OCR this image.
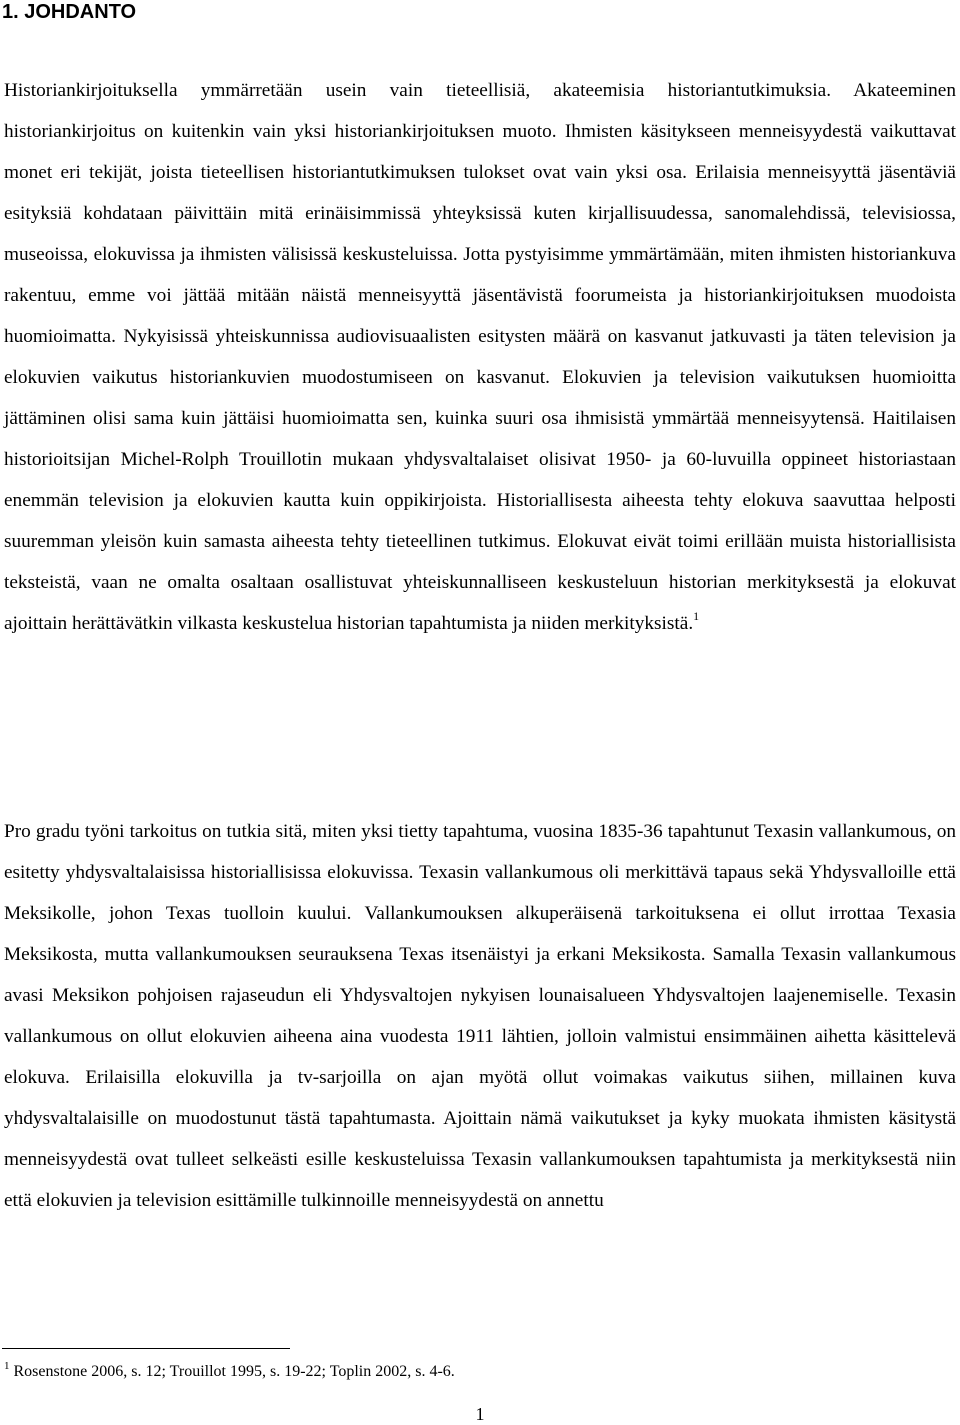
1. JOHDANTO

Historiankirjoituksella ymmärretään usein vain tieteellisiä, akateemisia historiantutkimuksia. Akateeminen historiankirjoitus on kuitenkin vain yksi historiankirjoituksen muoto. Ihmisten käsitykseen menneisyydestä vaikuttavat monet eri tekijät, joista tieteellisen historiantutkimuksen tulokset ovat vain yksi osa. Erilaisia menneisyyttä jäsentäviä esityksiä kohdataan päivittäin mitä erinäisimmissä yhteyksissä kuten kirjallisuudessa, sanomalehdissä, televisiossa, museoissa, elokuvissa ja ihmisten välisissä keskusteluissa. Jotta pystyisimme ymmärtämään, miten ihmisten historiankuva rakentuu, emme voi jättää mitään näistä menneisyyttä jäsentävistä foorumeista ja historiankirjoituksen muodoista huomioimatta. Nykyisissä yhteiskunnissa audiovisuaalisten esitysten määrä on kasvanut jatkuvasti ja täten television ja elokuvien vaikutus historiankuvien muodostumiseen on kasvanut. Elokuvien ja television vaikutuksen huomioitta jättäminen olisi sama kuin jättäisi huomioimatta sen, kuinka suuri osa ihmisistä ymmärtää menneisyytensä. Haitilaisen historioitsijan Michel-Rolph Trouillotin mukaan yhdysvaltalaiset olisivat 1950- ja 60-luvuilla oppineet historiastaan enemmän television ja elokuvien kautta kuin oppikirjoista. Historiallisesta aiheesta tehty elokuva saavuttaa helposti suuremman yleisön kuin samasta aiheesta tehty tieteellinen tutkimus. Elokuvat eivät toimi erillään muista historiallisista teksteistä, vaan ne omalta osaltaan osallistuvat yhteiskunnalliseen keskusteluun historian merkityksestä ja elokuvat ajoittain herättävätkin vilkasta keskustelua historian tapahtumista ja niiden merkityksistä.$^1$

Pro gradu työni tarkoitus on tutkia sitä, miten yksi tietty tapahtuma, vuosina 1835-36 tapahtunut Texasin vallankumous, on esitetty yhdysvaltalaisissa historiallisissa elokuvissa. Texasin vallankumous oli merkittävä tapaus sekä Yhdysvalloille että Meksikolle, johon Texas tuolloin kuului. Vallankumouksen alkuperäisenä tarkoituksena ei ollut irrottaa Texasia Meksikosta, mutta vallankumouksen seurauksena Texas itsenäistyi ja erkani Meksikosta. Samalla Texasin vallankumous avasi Meksikon pohjoisen rajaseudun eli Yhdysvaltojen nykyisen lounaisalueen Yhdysvaltojen laajenemiselle. Texasin vallankumous on ollut elokuvien aiheena aina vuodesta 1911 lähtien, jolloin valmistui ensimmäinen aihetta käsittelevä elokuva. Erilaisilla elokuvilla ja tv-sarjoilla on ajan myötä ollut voimakas vaikutus siihen, millainen kuva yhdysvaltalaisille on muodostunut tästä tapahtumasta. Ajoittain nämä vaikutukset ja kyky muokata ihmisten käsitystä menneisyydestä ovat tulleet selkeästi esille keskusteluissa Texasin vallankumouksen tapahtumista ja merkityksestä niin että elokuvien ja television esittämille tulkinnoille menneisyydestä on annettu

$^1$ Rosenstone 2006, s. 12; Trouillot 1995, s. 19-22; Toplin 2002, s. 4-6.

1
